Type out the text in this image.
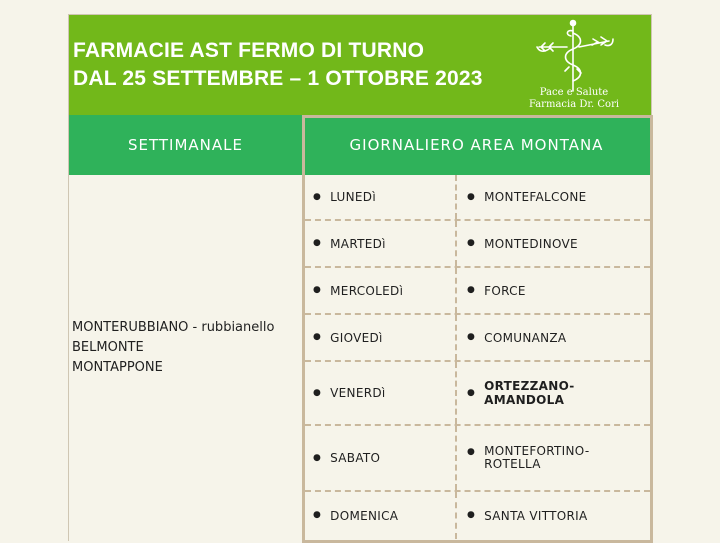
FARMACIE AST FERMO DI TURNO
DAL 25 SETTEMBRE – 1 OTTOBRE 2023
Pace e Salute
Farmacia Dr. Cori
SETTIMANALE	GIORNALIERO AREA MONTANA
MONTERUBBIANO - rubbianello
BELMONTE
MONTAPPONE
● LUNEDì	● MONTEFALCONE
● MARTEDì	● MONTEDINOVE
● MERCOLEDì	● FORCE
● GIOVEDì	● COMUNANZA
● VENERDì	● ORTEZZANO-AMANDOLA
● SABATO	● MONTEFORTINO-
ROTELLA
● DOMENICA	● SANTA VITTORIA
